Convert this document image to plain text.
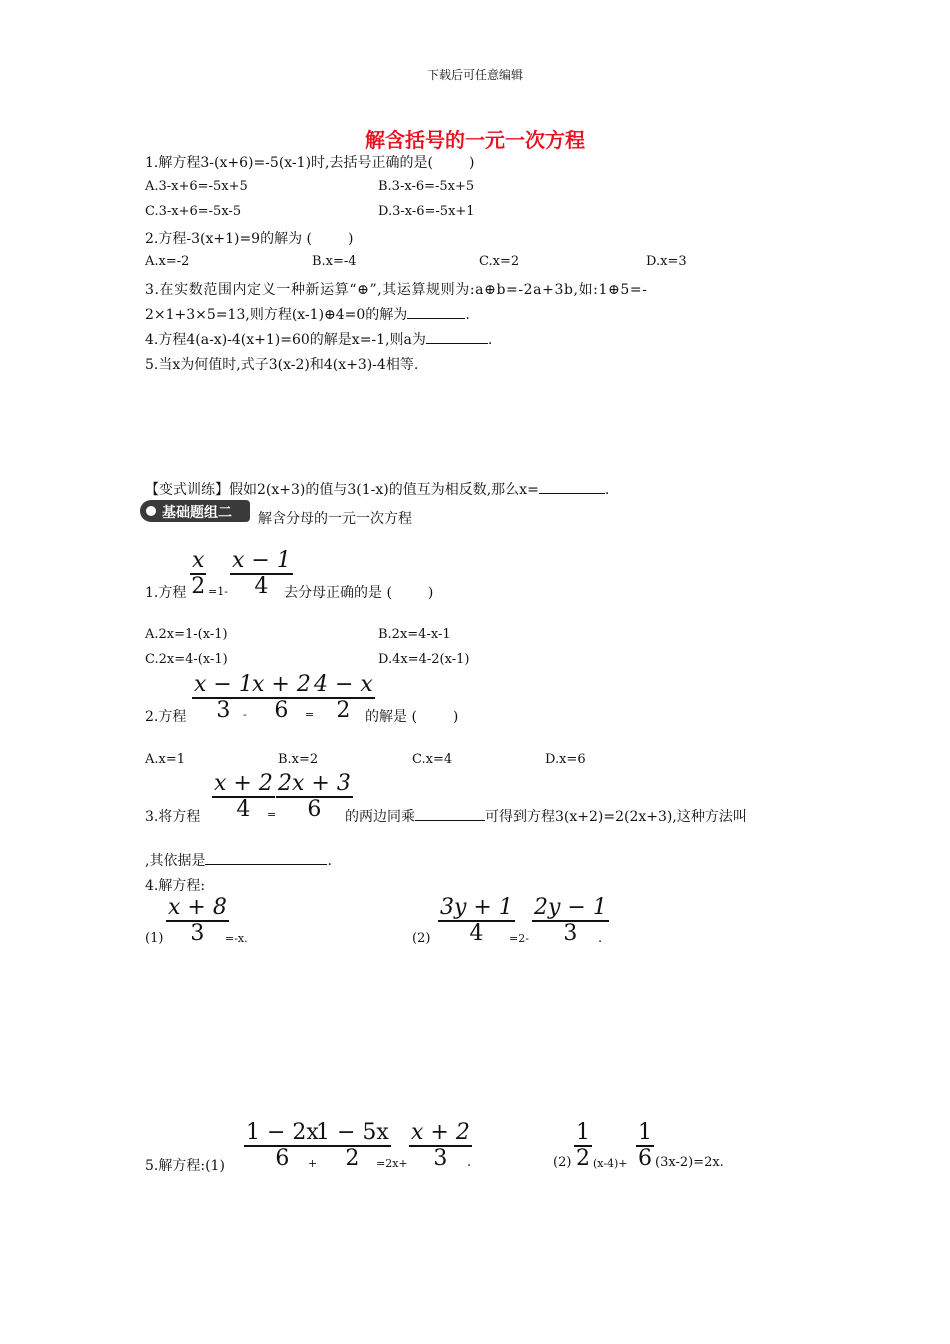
下载后可任意编辑
解含括号的一元一次方程
1.解方程3-(x+6)=-5(x-1)时,去括号正确的是(	)
A.3-x+6=-5x+5	B.3-x-6=-5x+5
C.3-x+6=-5x-5	D.3-x-6=-5x+1
2.方程-3(x+1)=9的解为 (	)
A.x=-2	B.x=-4	C.x=2	D.x=3
3.在实数范围内定义一种新运算“⊕”,其运算规则为:a⊕b=-2a+3b,如:1⊕5=-
2×1+3×5=13,则方程(x-1)⊕4=0的解为	.
4.方程4(a-x)-4(x+1)=60的解是x=-1,则a为	.
5.当x为何值时,式子3(x-2)和4(x+3)-4相等.
【变式训练】假如2(x+3)的值与3(1-x)的值互为相反数,那么x=	.
基础题组二 解含分母的一元一次方程
x
2
x − 1
4
1.方程 =1-	去分母正确的是 (	)
A.2x=1-(x-1)	B.2x=4-x-1
C.2x=4-(x-1)	D.4x=4-2(x-1)
2.方程
x − 1
3	-
x + 2
6	=
4 − x
2	的解是 (	)
A.x=1	B.x=2	C.x=4	D.x=6
3.将方程
x + 2
4	=
2x + 3
6	的两边同乘	可得到方程3(x+2)=2(2x+3),这种方法叫
,其依据是	.
4.解方程:
(1)
x + 8
3	=-x.	(2)
3y + 1
4	=2-
2y − 1
3	.
5.解方程:(1)
1 − 2x
6	+
1 − 5x
2	=2x+
x + 2
3	.	(2)
1
2 (x-4)+
1
6 (3x-2)=2x.
